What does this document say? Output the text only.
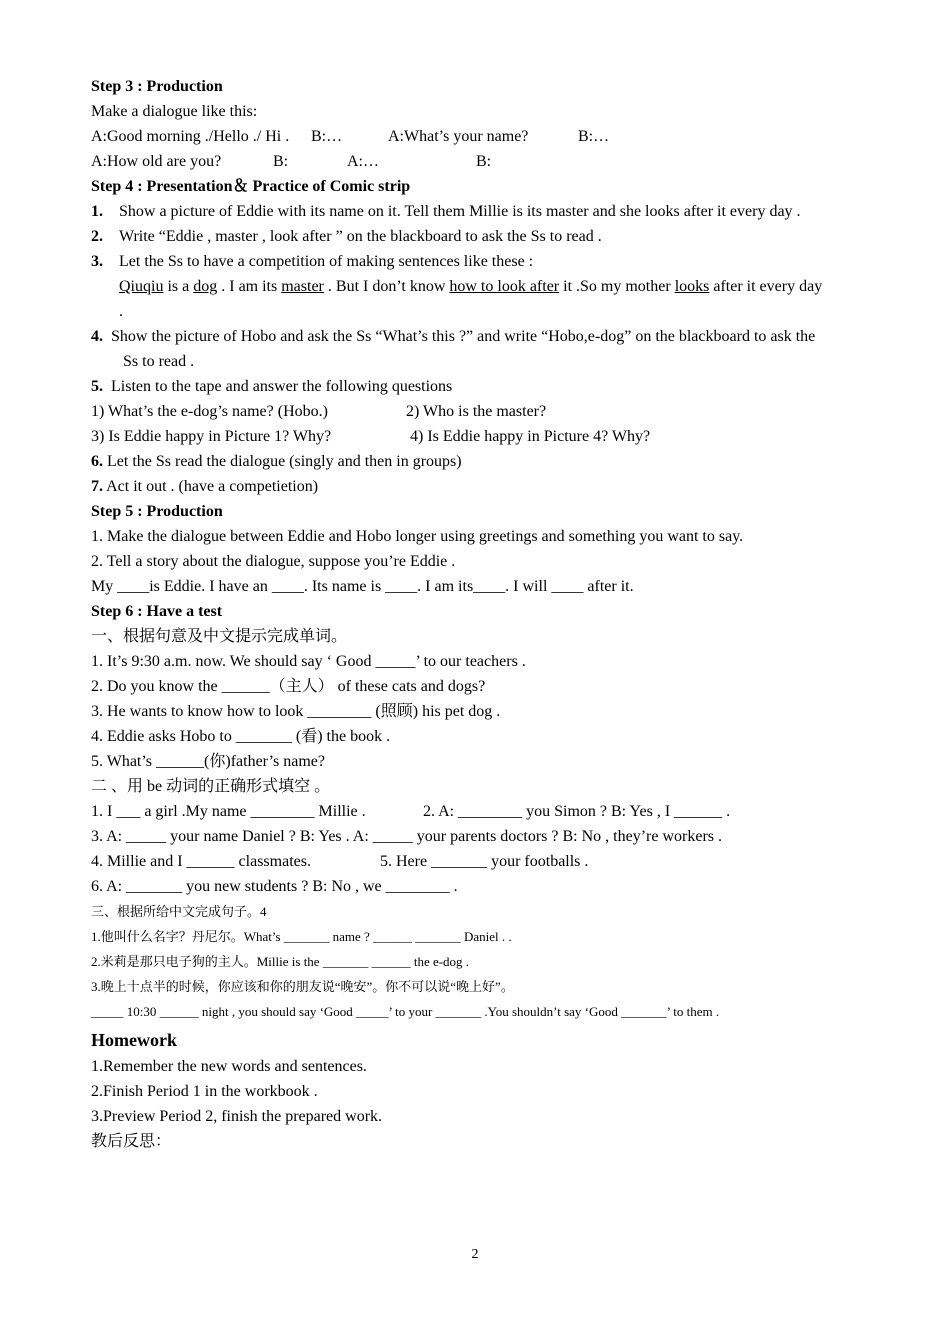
Step 3 : Production
Make a dialogue like this:
A:Good morning ./Hello ./ Hi . B:…	A:What’s your name?	B:…
A:How old are you?	B:	A:…	B:
Step 4 : Presentation＆ Practice of Comic strip
1. Show a picture of Eddie with its name on it. Tell them Millie is its master and she looks after it every day .
2. Write “Eddie , master , look after ” on the blackboard to ask the Ss to read .
3. Let the Ss to have a competition of making sentences like these :
Qiuqiu is a dog . I am its master . But I don’t know how to look after it .So my mother looks after it every day
.
4. Show the picture of Hobo and ask the Ss “What’s this ?” and write “Hobo,e-dog” on the blackboard to ask the
Ss to read .
5. Listen to the tape and answer the following questions
1) What’s the e-dog’s name? (Hobo.)	2) Who is the master?
3) Is Eddie happy in Picture 1? Why?	4) Is Eddie happy in Picture 4? Why?
6. Let the Ss read the dialogue (singly and then in groups)
7. Act it out . (have a competietion)
Step 5 : Production
1. Make the dialogue between Eddie and Hobo longer using greetings and something you want to say.
2. Tell a story about the dialogue, suppose you’re Eddie .
My ____is Eddie. I have an ____. Its name is ____. I am its____. I will ____ after it.
Step 6 : Have a test
一、根据句意及中文提示完成单词。
1. It’s 9:30 a.m. now. We should say ‘ Good _____’ to our teachers .
2. Do you know the ______（主人） of these cats and dogs?
3. He wants to know how to look ________ (照顾) his pet dog .
4. Eddie asks Hobo to _______ (看) the book .
5. What’s ______(你)father’s name?
二 、用 be 动词的正确形式填空 。
1. I ___ a girl .My name ________ Millie .	2. A: ________ you Simon ? B: Yes , I ______ .
3. A: _____ your name Daniel ? B: Yes . A: _____ your parents doctors ? B: No , they’re workers .
4. Millie and I ______ classmates.	5. Here _______ your footballs .
6. A: _______ you new students ? B: No , we ________ .
三、根据所给中文完成句子。4
1.他叫什么名字？丹尼尔。What’s _______ name ? ______ _______ Daniel . .
2.米莉是那只电子狗的主人。Millie is the _______ ______ the e-dog .
3.晚上十点半的时候，你应该和你的朋友说“晚安”。你不可以说“晚上好”。
_____ 10:30 ______ night , you should say ‘Good _____’ to your _______ .You shouldn’t say ‘Good _______’ to them .
Homework
1.Remember the new words and sentences.
2.Finish Period 1 in the workbook .
3.Preview Period 2, finish the prepared work.
教后反思：
2
